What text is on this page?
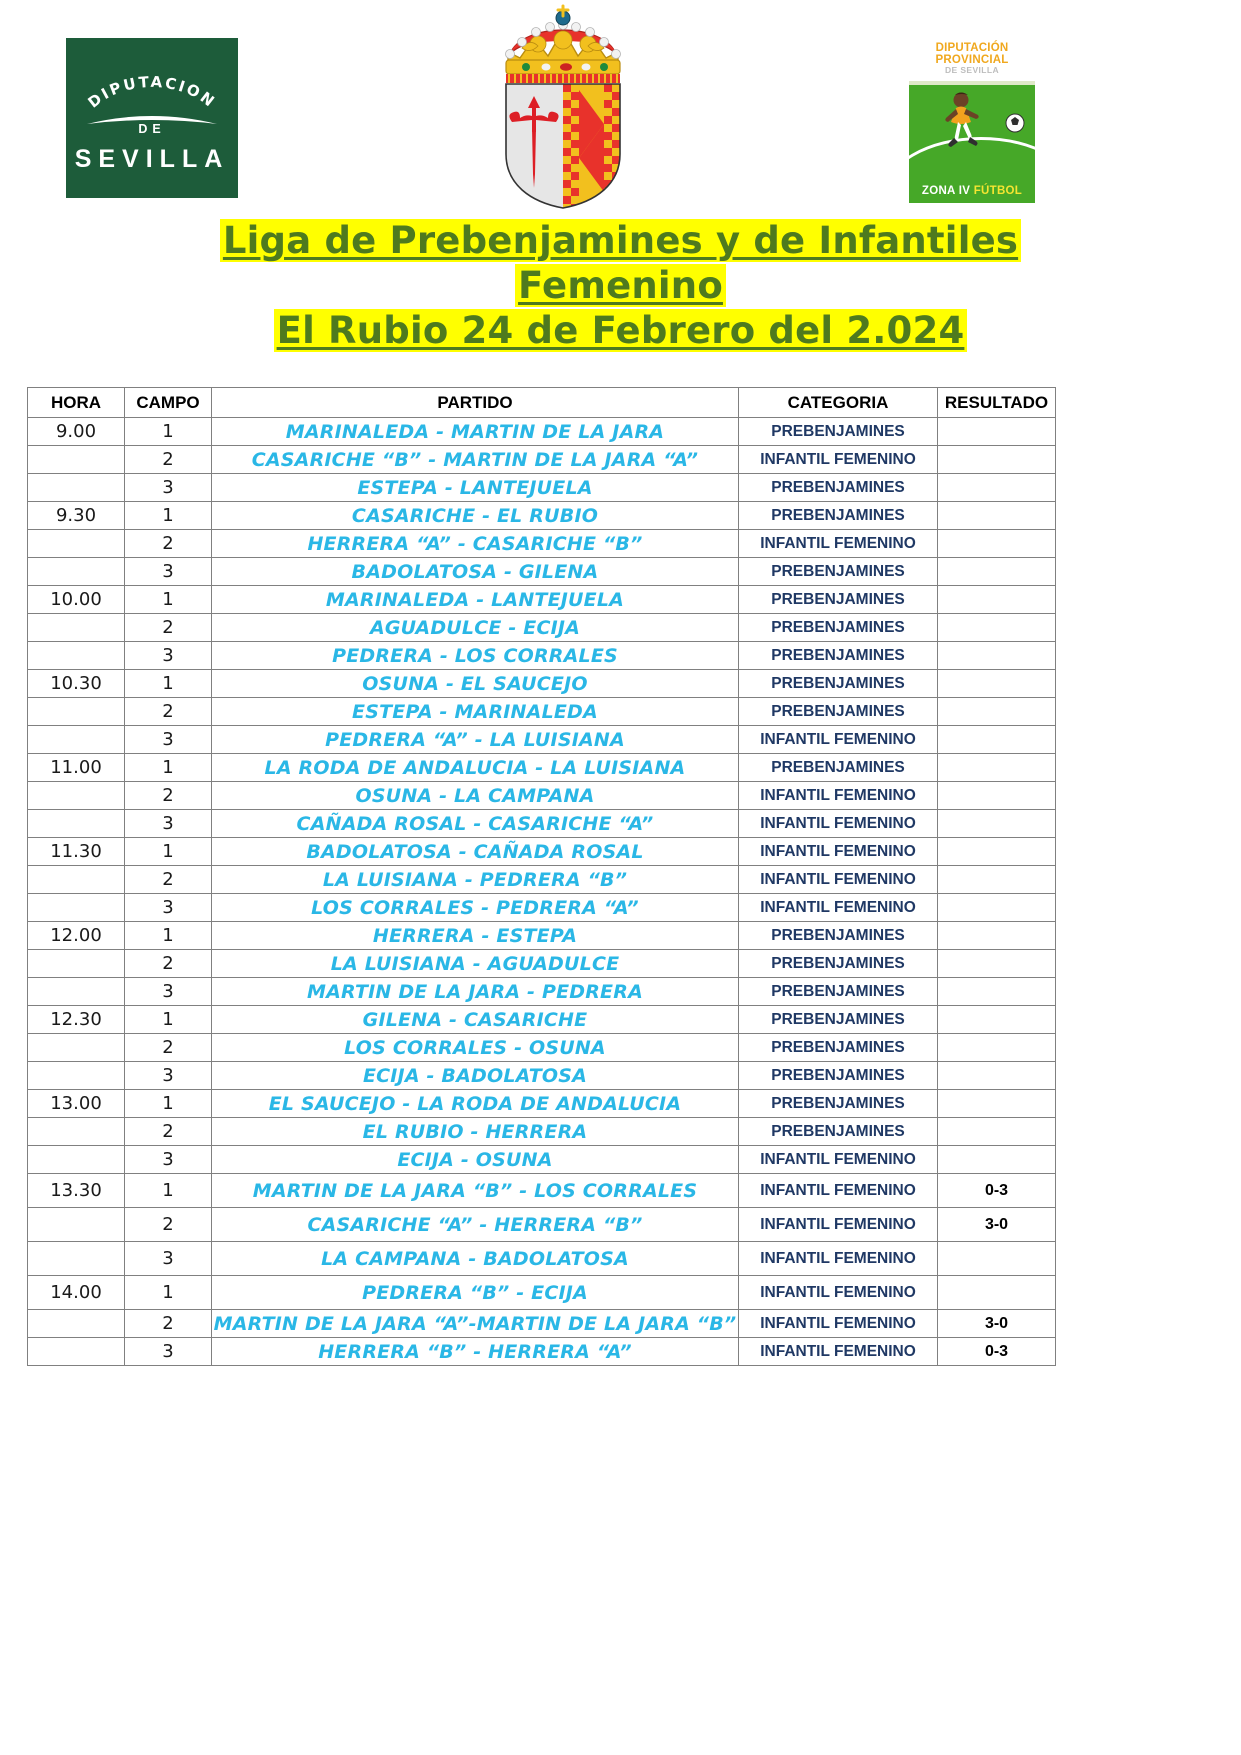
DIPUTACION
DE
SEVILLA
DIPUTACIÓN PROVINCIAL
DE SEVILLA
ZONA IV FÚTBOL
Liga de Prebenjamines y de Infantiles
Femenino
El Rubio 24 de Febrero del 2.024
HORA	CAMPO	PARTIDO	CATEGORIA	RESULTADO
9.00	1	MARINALEDA - MARTIN DE LA JARA	PREBENJAMINES	
	2	CASARICHE “B” - MARTIN DE LA JARA “A”	INFANTIL FEMENINO	
	3	ESTEPA - LANTEJUELA	PREBENJAMINES	
9.30	1	CASARICHE - EL RUBIO	PREBENJAMINES	
	2	HERRERA “A” - CASARICHE “B”	INFANTIL FEMENINO	
	3	BADOLATOSA - GILENA	PREBENJAMINES	
10.00	1	MARINALEDA - LANTEJUELA	PREBENJAMINES	
	2	AGUADULCE - ECIJA	PREBENJAMINES	
	3	PEDRERA - LOS CORRALES	PREBENJAMINES	
10.30	1	OSUNA - EL SAUCEJO	PREBENJAMINES	
	2	ESTEPA - MARINALEDA	PREBENJAMINES	
	3	PEDRERA “A” - LA LUISIANA	INFANTIL FEMENINO	
11.00	1	LA RODA DE ANDALUCIA - LA LUISIANA	PREBENJAMINES	
	2	OSUNA - LA CAMPANA	INFANTIL FEMENINO	
	3	CAÑADA ROSAL - CASARICHE “A”	INFANTIL FEMENINO	
11.30	1	BADOLATOSA - CAÑADA ROSAL	INFANTIL FEMENINO	
	2	LA LUISIANA - PEDRERA “B”	INFANTIL FEMENINO	
	3	LOS CORRALES - PEDRERA “A”	INFANTIL FEMENINO	
12.00	1	HERRERA - ESTEPA	PREBENJAMINES	
	2	LA LUISIANA - AGUADULCE	PREBENJAMINES	
	3	MARTIN DE LA JARA - PEDRERA	PREBENJAMINES	
12.30	1	GILENA - CASARICHE	PREBENJAMINES	
	2	LOS CORRALES - OSUNA	PREBENJAMINES	
	3	ECIJA - BADOLATOSA	PREBENJAMINES	
13.00	1	EL SAUCEJO - LA RODA DE ANDALUCIA	PREBENJAMINES	
	2	EL RUBIO - HERRERA	PREBENJAMINES	
	3	ECIJA - OSUNA	INFANTIL FEMENINO	
13.30	1	MARTIN DE LA JARA “B” - LOS CORRALES	INFANTIL FEMENINO	0-3
	2	CASARICHE “A” - HERRERA “B”	INFANTIL FEMENINO	3-0
	3	LA CAMPANA - BADOLATOSA	INFANTIL FEMENINO	
14.00	1	PEDRERA “B” - ECIJA	INFANTIL FEMENINO	
	2	MARTIN DE LA JARA “A”-MARTIN DE LA JARA “B”	INFANTIL FEMENINO	3-0
	3	HERRERA “B” - HERRERA “A”	INFANTIL FEMENINO	0-3
